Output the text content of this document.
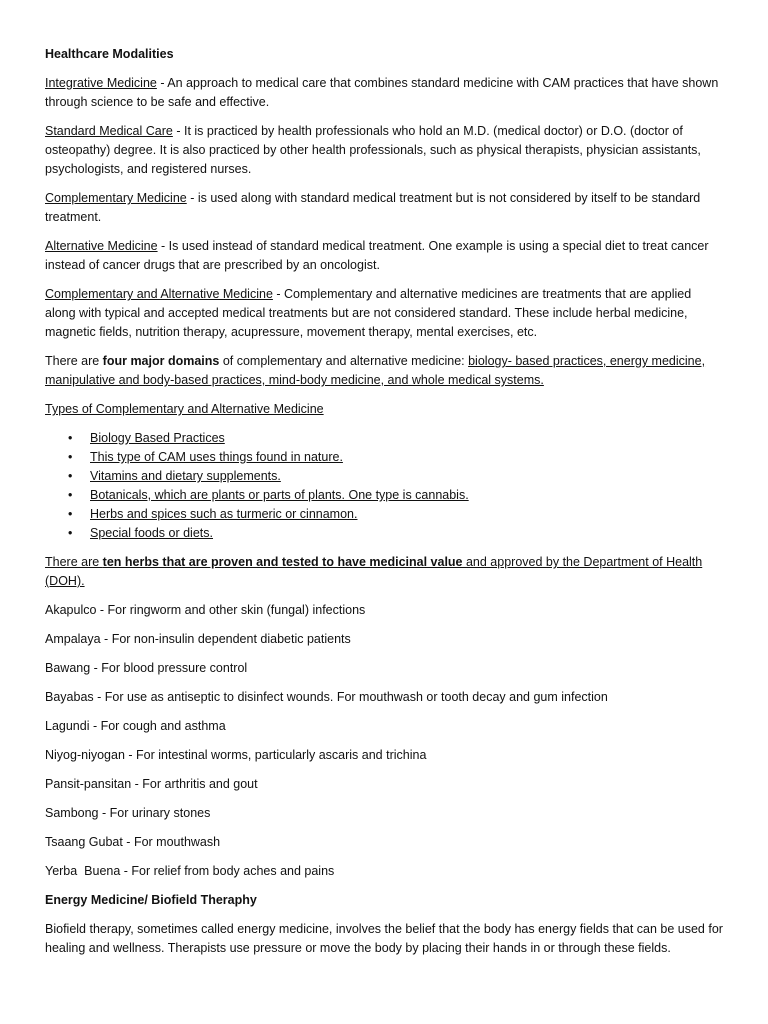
Healthcare Modalities

Integrative Medicine - An approach to medical care that combines standard medicine with CAM practices that have shown through science to be safe and effective.

Standard Medical Care - It is practiced by health professionals who hold an M.D. (medical doctor) or D.O. (doctor of osteopathy) degree. It is also practiced by other health professionals, such as physical therapists, physician assistants, psychologists, and registered nurses.

Complementary Medicine - is used along with standard medical treatment but is not considered by itself to be standard treatment.

Alternative Medicine - Is used instead of standard medical treatment. One example is using a special diet to treat cancer instead of cancer drugs that are prescribed by an oncologist.

Complementary and Alternative Medicine - Complementary and alternative medicines are treatments that are applied along with typical and accepted medical treatments but are not considered standard. These include herbal medicine, magnetic fields, nutrition therapy, acupressure, movement therapy, mental exercises, etc.

There are four major domains of complementary and alternative medicine: biology- based practices, energy medicine, manipulative and body-based practices, mind-body medicine, and whole medical systems.

Types of Complementary and Alternative Medicine

• Biology Based Practices
• This type of CAM uses things found in nature.
• Vitamins and dietary supplements.
• Botanicals, which are plants or parts of plants. One type is cannabis.
• Herbs and spices such as turmeric or cinnamon.
• Special foods or diets.

There are ten herbs that are proven and tested to have medicinal value and approved by the Department of Health (DOH).

Akapulco - For ringworm and other skin (fungal) infections

Ampalaya - For non-insulin dependent diabetic patients

Bawang - For blood pressure control

Bayabas - For use as antiseptic to disinfect wounds. For mouthwash or tooth decay and gum infection

Lagundi - For cough and asthma

Niyog-niyogan - For intestinal worms, particularly ascaris and trichina

Pansit-pansitan - For arthritis and gout

Sambong - For urinary stones

Tsaang Gubat - For mouthwash

Yerba  Buena - For relief from body aches and pains

Energy Medicine/ Biofield Theraphy

Biofield therapy, sometimes called energy medicine, involves the belief that the body has energy fields that can be used for healing and wellness. Therapists use pressure or move the body by placing their hands in or through these fields.
